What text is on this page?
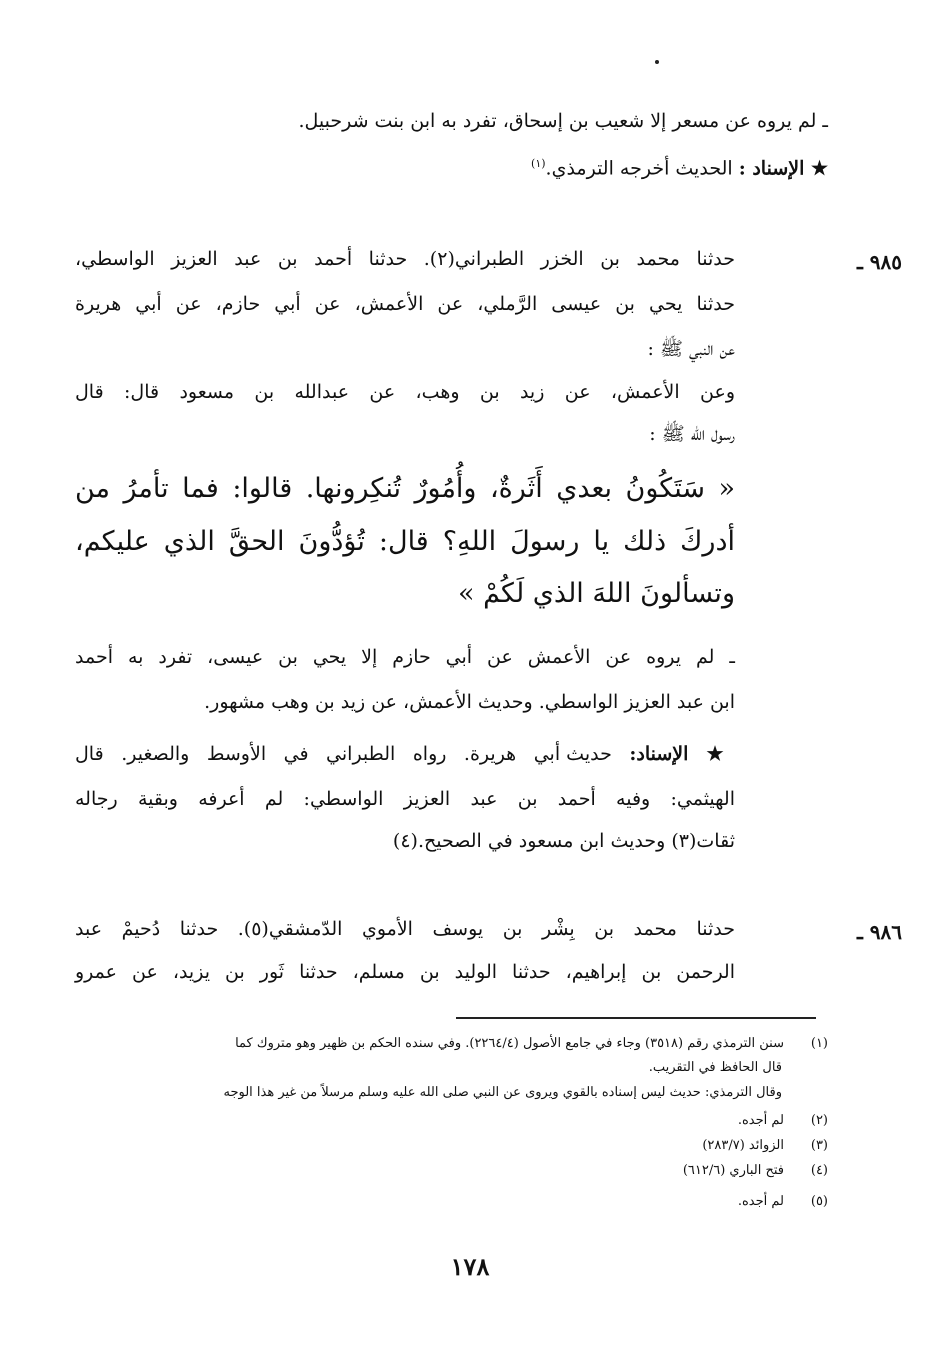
ـ لم يروه عن مسعر إلا شعيب بن إسحاق، تفرد به ابن بنت شرحبيل.
★ الإسناد : الحديث أخرجه الترمذي.$^{(١)}$
٩٨٥ ـ
حدثنا محمد بن الخزر الطبراني(٢). حدثنا أحمد بن عبد العزيز الواسطي،
حدثنا يحي بن عيسى الرَّملي، عن الأعمش، عن أبي حازم، عن أبي هريرة
عن النبي ﷺ :
وعن الأعمش، عن زيد بن وهب، عن عبدالله بن مسعود قال: قال
رسول الله ﷺ :
« سَتَكُونُ بعدي أَثَرةٌ، وأُمُورٌ تُنكِرونها. قالوا: فما تأمرُ من
أدركَ ذلك يا رسولَ اللهِ؟ قال: تُؤدُّونَ الحقَّ الذي عليكم،
وتسألونَ اللهَ الذي لَكُمْ »
ـ لم يروه عن الأعمش عن أبي حازم إلا يحي بن عيسى، تفرد به أحمد
ابن عبد العزيز الواسطي. وحديث الأعمش، عن زيد بن وهب مشهور.
★ الإسناد: حديث أبي هريرة. رواه الطبراني في الأوسط والصغير. قال
الهيثمي: وفيه أحمد بن عبد العزيز الواسطي: لم أعرفه وبقية رجاله
ثقات(٣) وحديث ابن مسعود في الصحيح.(٤)
٩٨٦ ـ
حدثنا محمد بن بِشْر بن يوسف الأموي الدّمشقي(٥). حدثنا دُحيمْ عبد
الرحمن بن إبراهيم، حدثنا الوليد بن مسلم، حدثنا ثَور بن يزيد، عن عمرو
(١)سنن الترمذي رقم (٣٥١٨) وجاء في جامع الأصول (٢٢٦٤/٤). وفي سنده الحكم بن ظهير وهو متروك كما
قال الحافظ في التقريب.
وقال الترمذي: حديث ليس إسناده بالقوي ويروى عن النبي صلى الله عليه وسلم مرسلاً من غير هذا الوجه
(٢)لم أجده.
(٣)الزوائد (٢٨٣/٧)
(٤)فتح الباري (٦١٢/٦)
(٥)لم أجده.
١٧٨
